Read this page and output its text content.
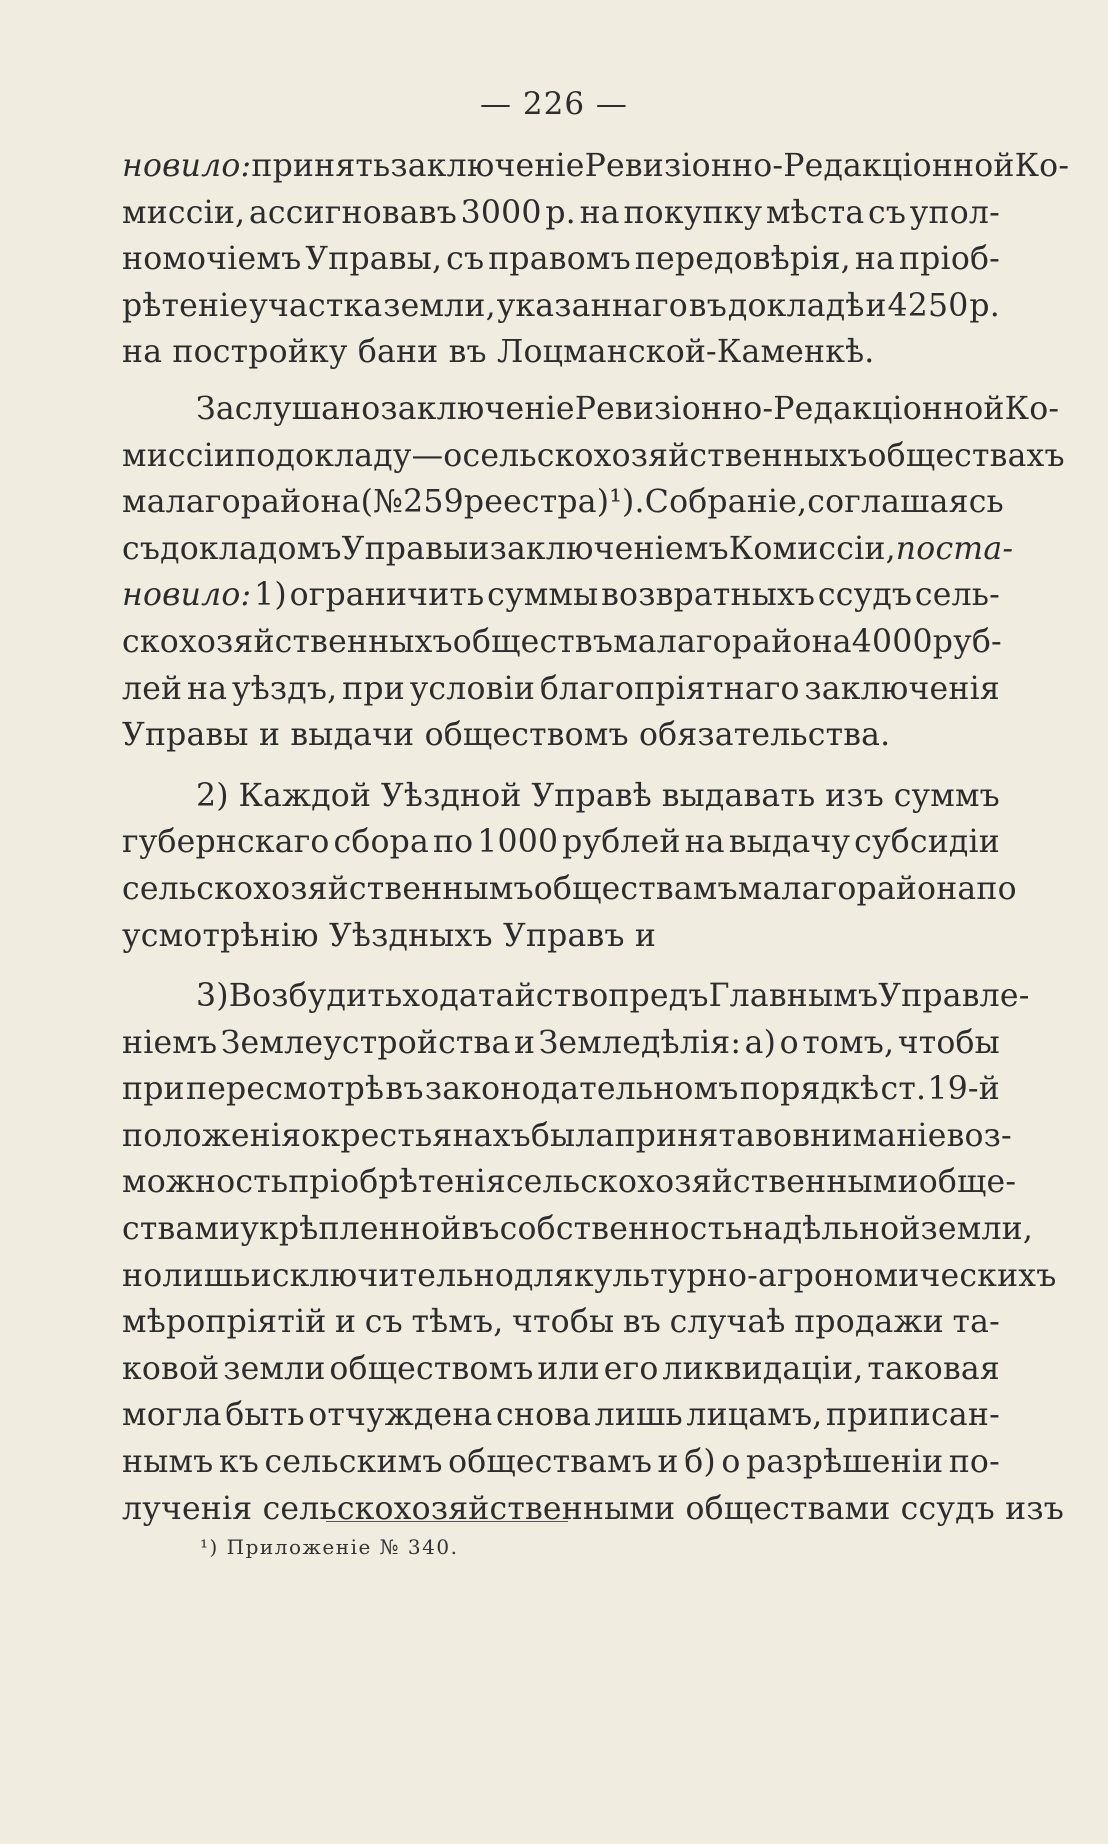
— 226 —
новило: принять заключеніе Ревизіонно-Редакціонной Ко-
миссіи, ассигновавъ 3000 р. на покупку мѣста съ упол-
номочіемъ Управы, съ правомъ передовѣрія, на пріоб-
рѣтеніе участка земли, указаннаго въ докладѣ и 4250 р.
на постройку бани въ Лоцманской-Каменкѣ.
Заслушано заключеніе Ревизіонно-Редакціонной Ко-
миссіи по докладу—о сельскохозяйственныхъ обществахъ
малаго района (№ 259 реестра) ¹). Собраніе, соглашаясь
съ докладомъ Управы и заключеніемъ Комиссіи, поста-
новило: 1) ограничить суммы возвратныхъ ссудъ сель-
скохозяйственныхъ обществъ малаго района 4000 руб-
лей на уѣздъ, при условіи благопріятнаго заключенія
Управы и выдачи обществомъ обязательства.
2) Каждой Уѣздной Управѣ выдавать изъ суммъ
губернскаго сбора по 1000 рублей на выдачу субсидіи
сельскохозяйственнымъ обществамъ малаго района по
усмотрѣнію Уѣздныхъ Управъ и
3) Возбудить ходатайство предъ Главнымъ Управле-
ніемъ Землеустройства и Земледѣлія: а) о томъ, чтобы
при пересмотрѣ въ законодательномъ порядкѣ ст. 19-й
положенія о крестьянахъ была принята во вниманіе воз-
можность пріобрѣтенія сельскохозяйственными обще-
ствами укрѣпленной въ собственность надѣльной земли,
но лишь исключительно для культурно-агрономическихъ
мѣропріятій и съ тѣмъ, чтобы въ случаѣ продажи та-
ковой земли обществомъ или его ликвидаціи, таковая
могла быть отчуждена снова лишь лицамъ, приписан-
нымъ къ сельскимъ обществамъ и б) о разрѣшеніи по-
лученія сельскохозяйственными обществами ссудъ изъ
¹) Приложеніе № 340.
